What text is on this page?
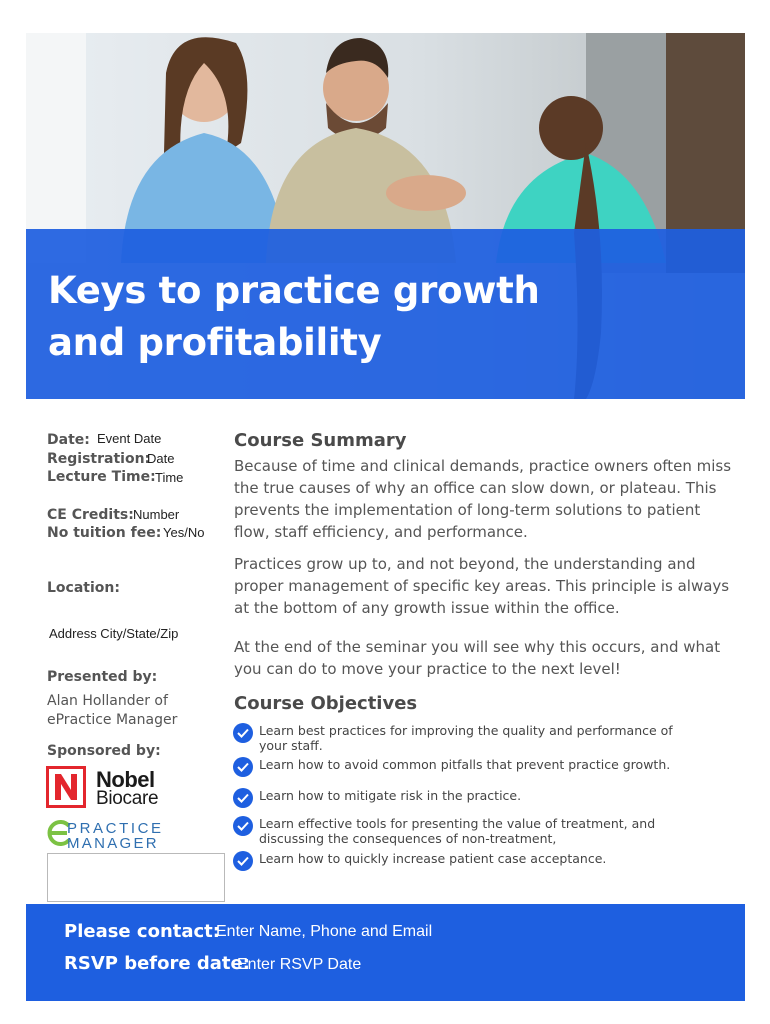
Keys to practice growth
and profitability
Date: Event Date
Registration:
Date
Lecture Time: Time
CE Credits: Number
No tuition fee: Yes/No
Location:
Address City/State/Zip
Presented by:
Alan Hollander of
ePractice Manager
Sponsored by:
Nobel
Biocare
PRACTICE
MANAGER
Course Summary

Because of time and clinical demands, practice owners often miss the true causes of why an office can slow down, or plateau. This prevents the implementation of long-term solutions to patient flow, staff efficiency, and performance.

Practices grow up to, and not beyond, the understanding and proper management of specific key areas. This principle is always at the bottom of any growth issue within the office.

At the end of the seminar you will see why this occurs, and what you can do to move your practice to the next level!

Course Objectives
Learn best practices for improving the quality and performance of your staff.
Learn how to avoid common pitfalls that prevent practice growth.
Learn how to mitigate risk in the practice.
Learn effective tools for presenting the value of treatment, and discussing the consequences of non-treatment,
Learn how to quickly increase patient case acceptance.
Please contact:
Enter Name, Phone and Email
RSVP before date:
Enter RSVP Date
